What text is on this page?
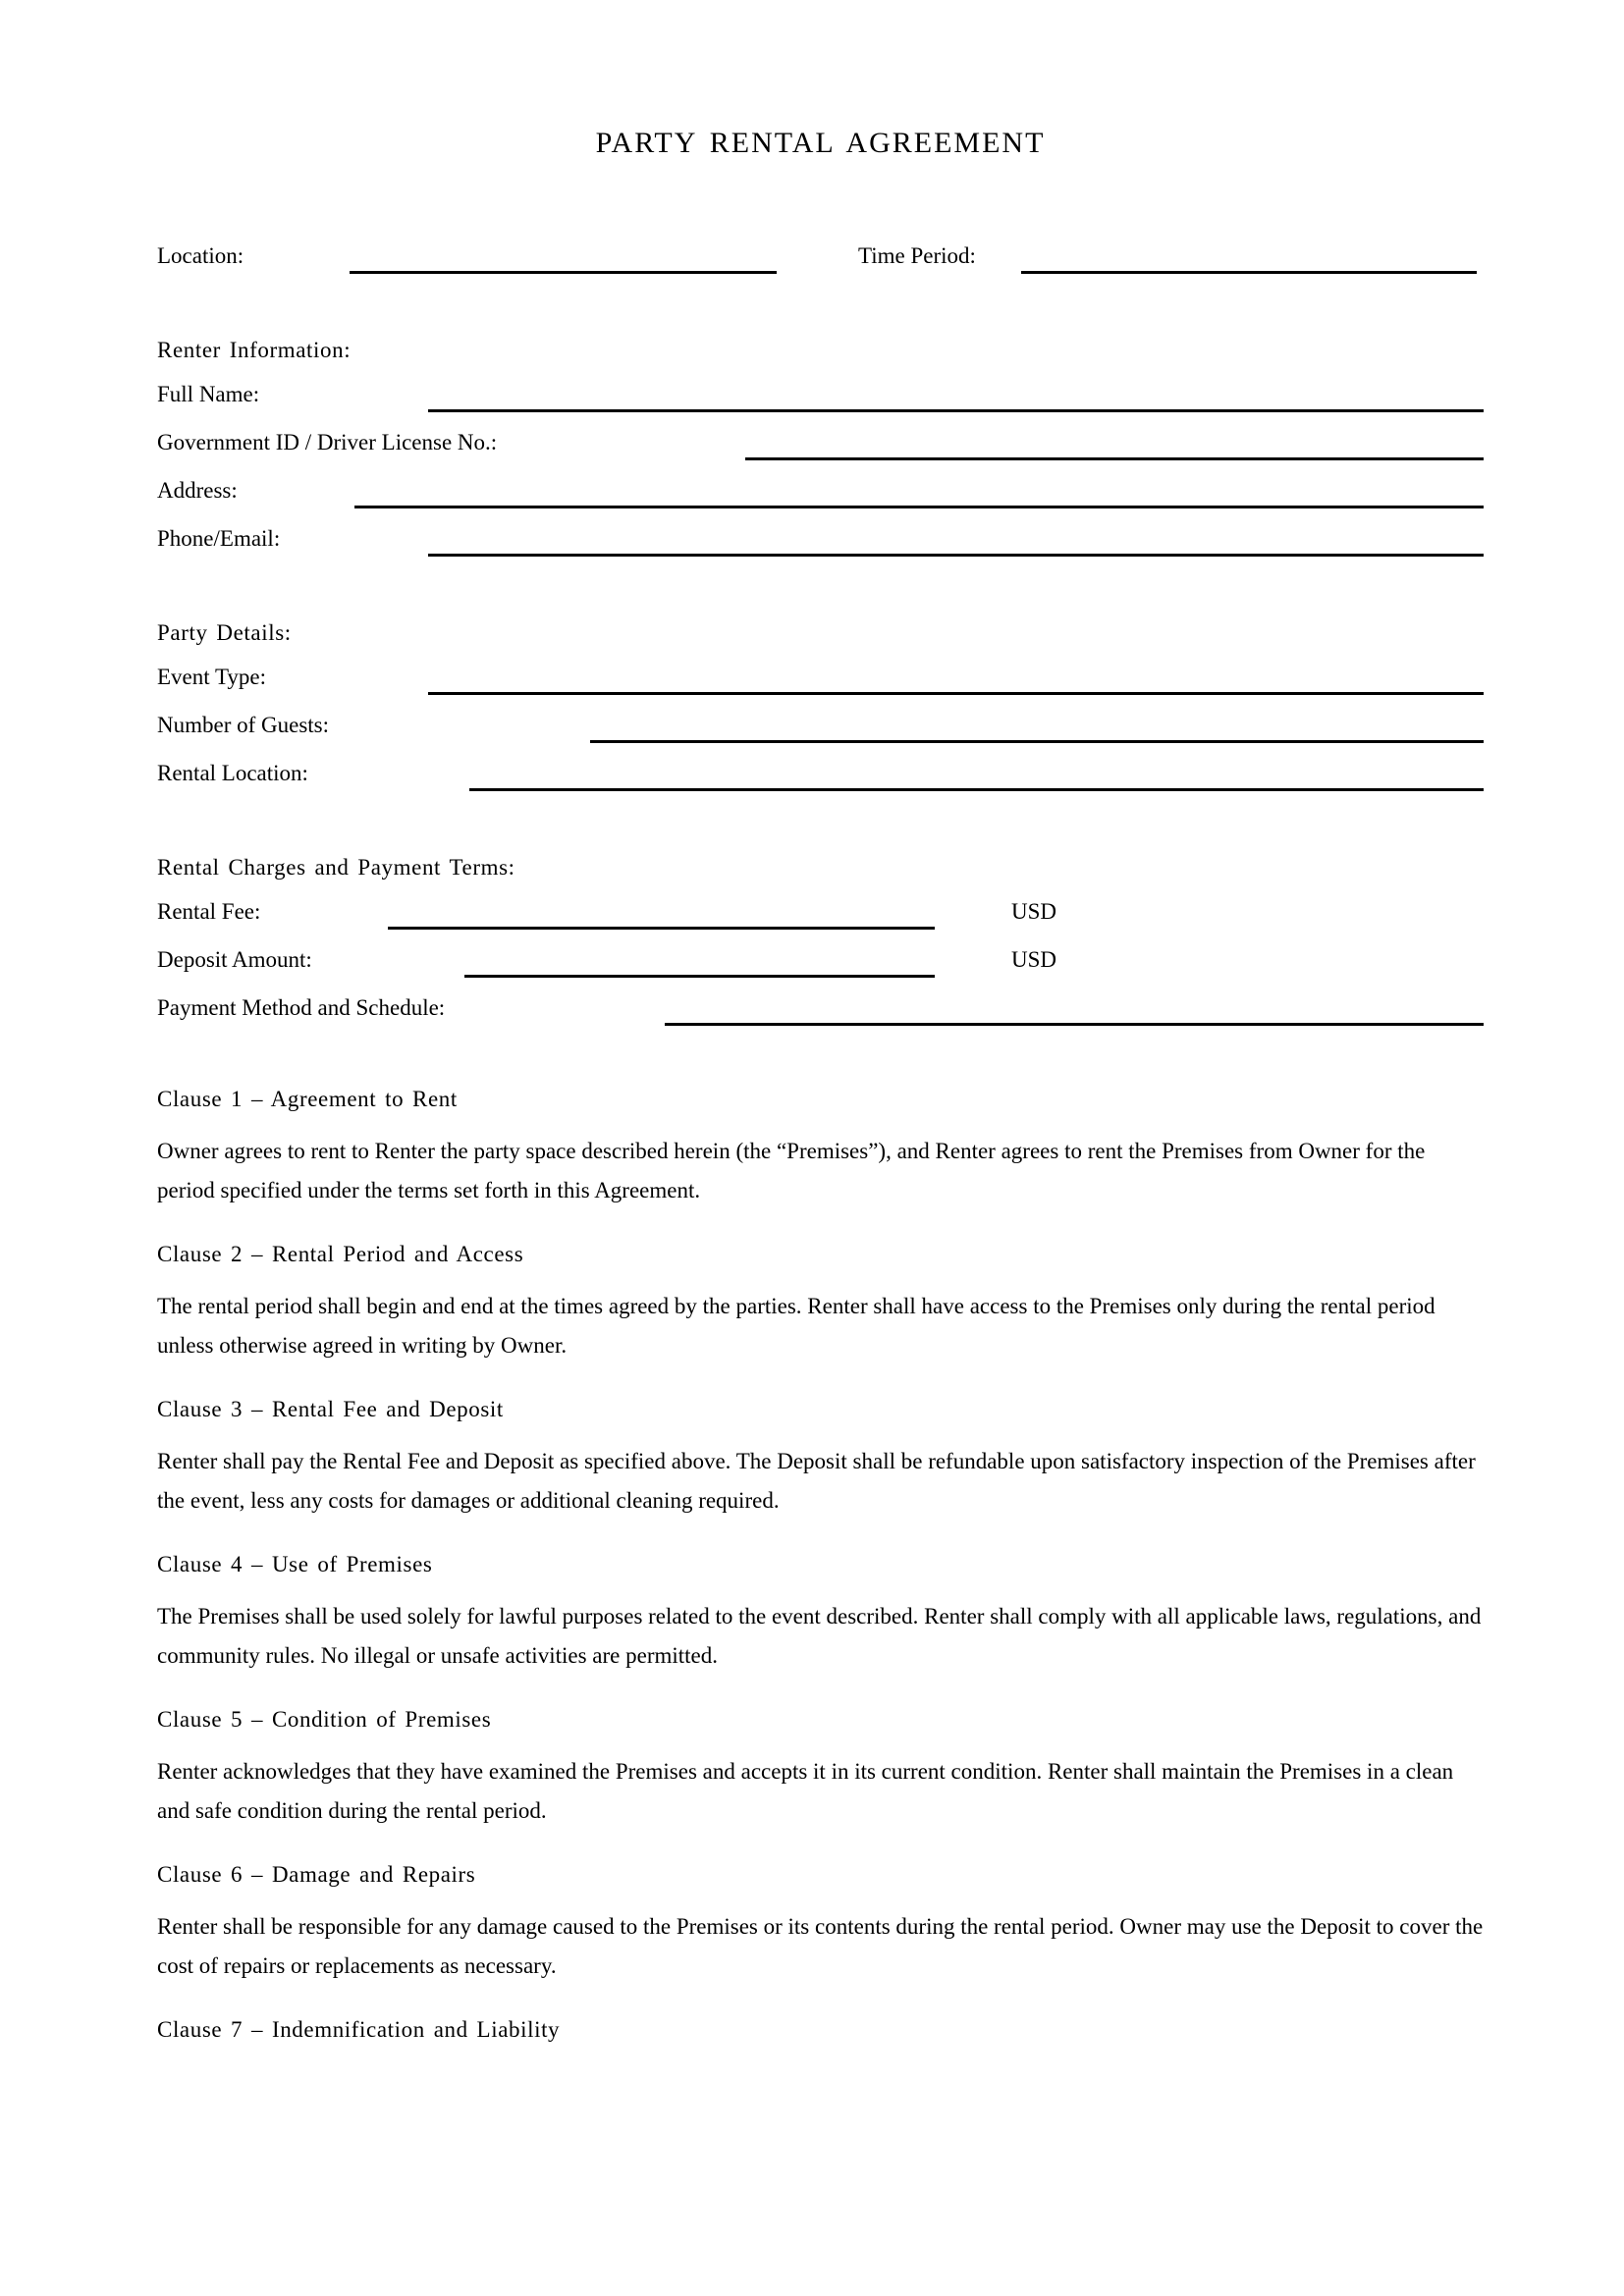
PARTY RENTAL AGREEMENT
Location:	Time Period:
Renter Information:
Full Name:
Government ID / Driver License No.:
Address:
Phone/Email:
Party Details:
Event Type:
Number of Guests:
Rental Location:
Rental Charges and Payment Terms:
Rental Fee:	USD
Deposit Amount:	USD
Payment Method and Schedule:
Clause 1 – Agreement to Rent

Owner agrees to rent to Renter the party space described herein (the “Premises”), and Renter agrees to rent the Premises from Owner for the period specified under the terms set forth in this Agreement.

Clause 2 – Rental Period and Access

The rental period shall begin and end at the times agreed by the parties. Renter shall have access to the Premises only during the rental period unless otherwise agreed in writing by Owner.

Clause 3 – Rental Fee and Deposit

Renter shall pay the Rental Fee and Deposit as specified above. The Deposit shall be refundable upon satisfactory inspection of the Premises after the event, less any costs for damages or additional cleaning required.

Clause 4 – Use of Premises

The Premises shall be used solely for lawful purposes related to the event described. Renter shall comply with all applicable laws, regulations, and community rules. No illegal or unsafe activities are permitted.

Clause 5 – Condition of Premises

Renter acknowledges that they have examined the Premises and accepts it in its current condition. Renter shall maintain the Premises in a clean and safe condition during the rental period.

Clause 6 – Damage and Repairs

Renter shall be responsible for any damage caused to the Premises or its contents during the rental period. Owner may use the Deposit to cover the cost of repairs or replacements as necessary.

Clause 7 – Indemnification and Liability
